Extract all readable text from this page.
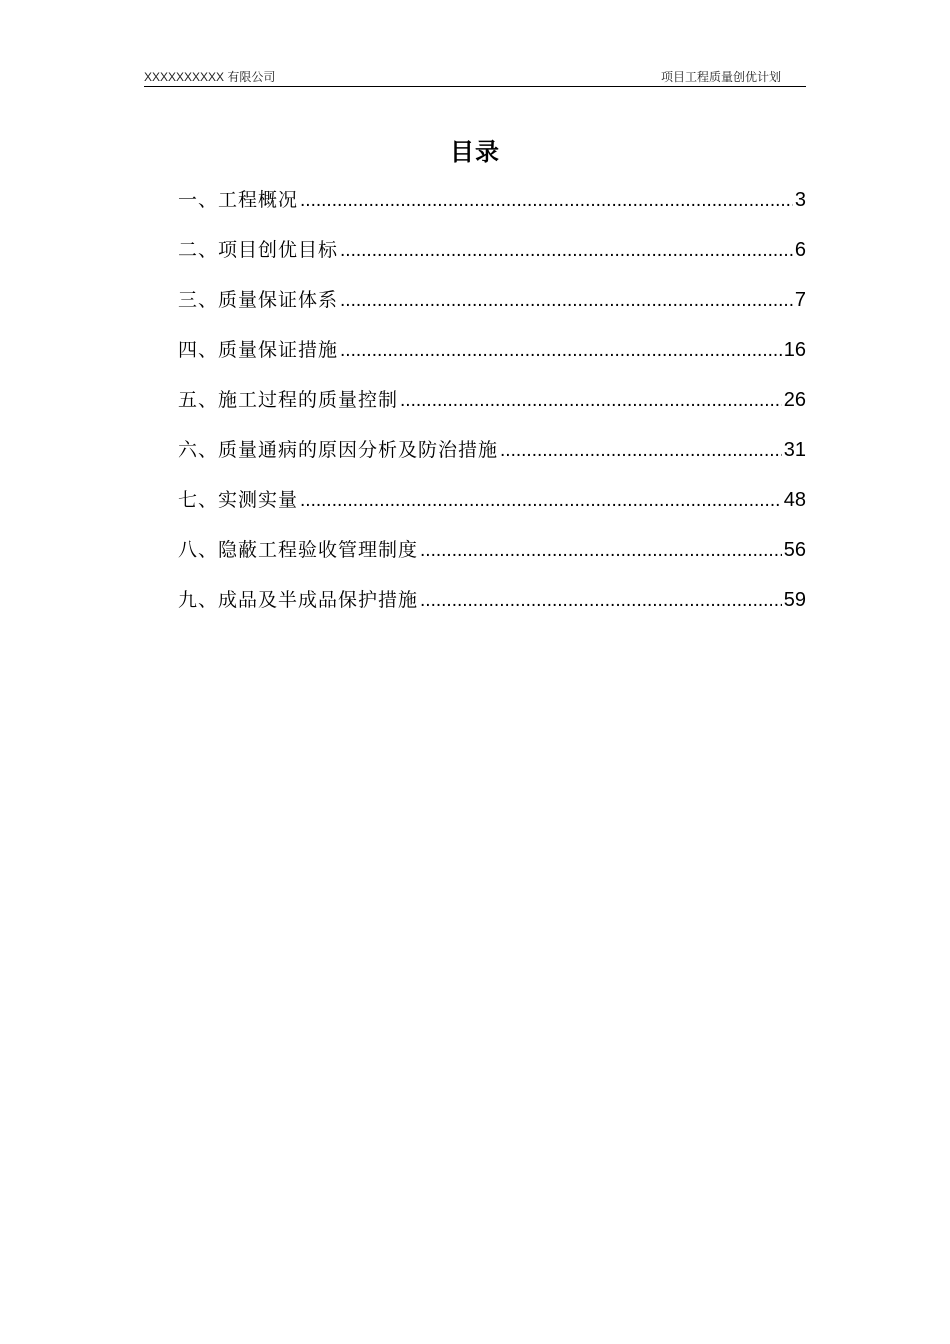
XXXXXXXXXX 有限公司	项目工程质量创优计划
目录
一、工程概况 .....	3
二、项目创优目标 .....	6
三、质量保证体系 .....	7
四、质量保证措施 .....	16
五、施工过程的质量控制 .....	26
六、质量通病的原因分析及防治措施 .....	31
七、实测实量 .....	48
八、隐蔽工程验收管理制度 .....	56
九、成品及半成品保护措施 .....	59
